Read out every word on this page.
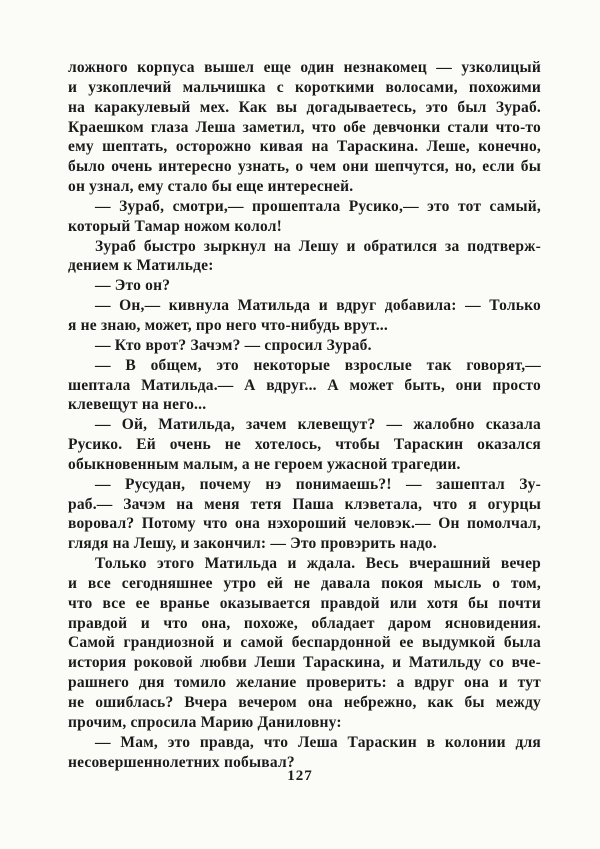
ложного корпуса вышел еще один незнакомец — узколицый
и узкоплечий мальчишка с короткими волосами, похожими
на каракулевый мех. Как вы догадываетесь, это был Зураб.
Краешком глаза Леша заметил, что обе девчонки стали что-то
ему шептать, осторожно кивая на Тараскина. Леше, конечно,
было очень интересно узнать, о чем они шепчутся, но, если бы
он узнал, ему стало бы еще интересней.
— Зураб, смотри,— прошептала Русико,— это тот самый,
который Тамар ножом колол!
Зураб быстро зыркнул на Лешу и обратился за подтверж-
дением к Матильде:
— Это он?
— Он,— кивнула Матильда и вдруг добавила: — Только
я не знаю, может, про него что-нибудь врут...
— Кто врот? Зачэм? — спросил Зураб.
— В общем, это некоторые взрослые так говорят,—
шептала Матильда.— А вдруг... А может быть, они просто
клевещут на него...
— Ой, Матильда, зачем клевещут? — жалобно сказала
Русико. Ей очень не хотелось, чтобы Тараскин оказался
обыкновенным малым, а не героем ужасной трагедии.
— Русудан, почему нэ понимаешь?! — зашептал Зу-
раб.— Зачэм на меня тетя Паша клэветала, что я огурцы
воровал? Потому что она нэхороший человэк.— Он помолчал,
глядя на Лешу, и закончил: — Это провэрить надо.
Только этого Матильда и ждала. Весь вчерашний вечер
и все сегодняшнее утро ей не давала покоя мысль о том,
что все ее вранье оказывается правдой или хотя бы почти
правдой и что она, похоже, обладает даром ясновидения.
Самой грандиозной и самой беспардонной ее выдумкой была
история роковой любви Леши Тараскина, и Матильду со вче-
рашнего дня томило желание проверить: а вдруг она и тут
не ошиблась? Вчера вечером она небрежно, как бы между
прочим, спросила Марию Даниловну:
— Мам, это правда, что Леша Тараскин в колонии для
несовершеннолетних побывал?
127
